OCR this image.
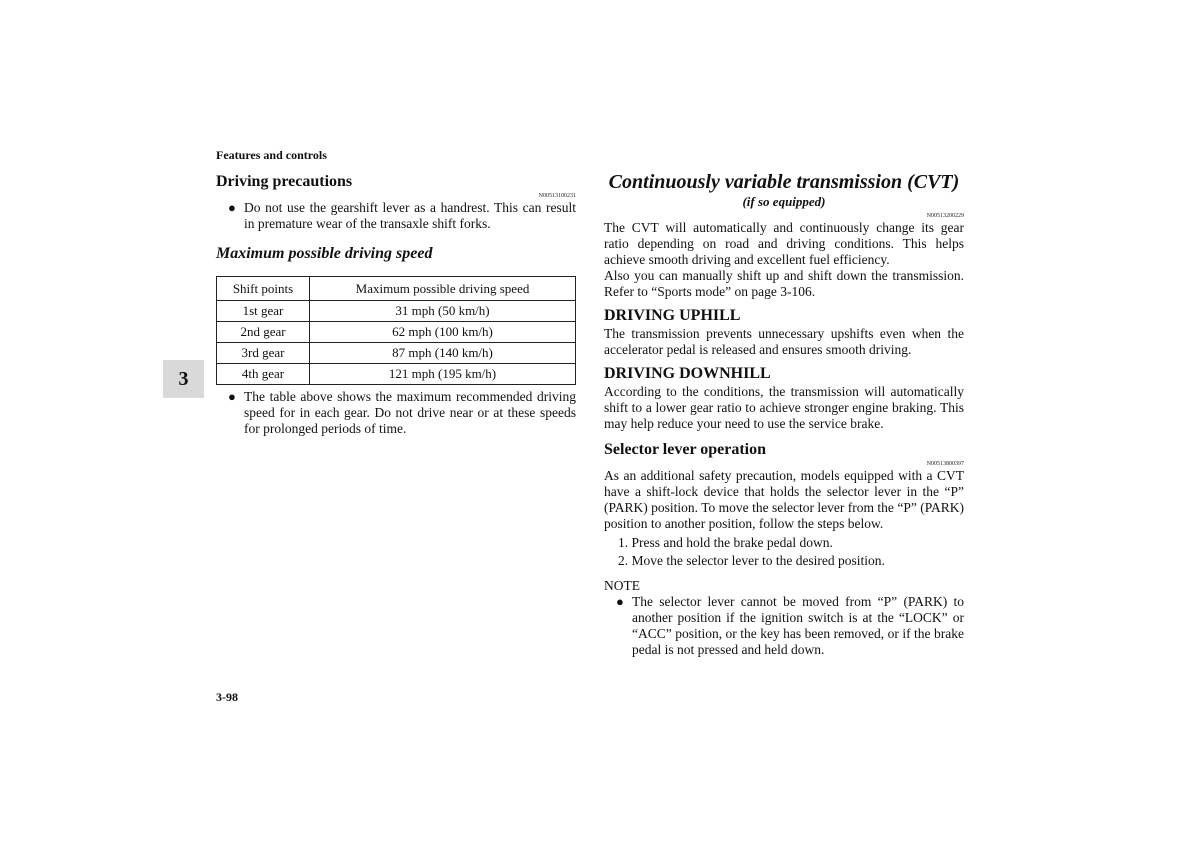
Features and controls
3
Driving precautions

N00513100231

● Do not use the gearshift lever as a handrest. This can result in premature wear of the transaxle shift forks.
Maximum possible driving speed
Shift points	Maximum possible driving speed
1st gear	31 mph (50 km/h)
2nd gear	62 mph (100 km/h)
3rd gear	87 mph (140 km/h)
4th gear	121 mph (195 km/h)
● The table above shows the maximum recommended driving speed for in each gear. Do not drive near or at these speeds for prolonged periods of time.
Continuously variable transmission (CVT)

(if so equipped)

N00513200229

The CVT will automatically and continuously change its gear ratio depending on road and driving conditions. This helps achieve smooth driving and excellent fuel efficiency.

Also you can manually shift up and shift down the transmission. Refer to “Sports mode” on page 3-106.

DRIVING UPHILL

The transmission prevents unnecessary upshifts even when the accelerator pedal is released and ensures smooth driving.

DRIVING DOWNHILL

According to the conditions, the transmission will automatically shift to a lower gear ratio to achieve stronger engine braking. This may help reduce your need to use the service brake.

Selector lever operation

N00513800397

As an additional safety precaution, models equipped with a CVT have a shift-lock device that holds the selector lever in the “P” (PARK) position. To move the selector lever from the “P” (PARK) position to another position, follow the steps below.

1. Press and hold the brake pedal down.
2. Move the selector lever to the desired position.

NOTE

● The selector lever cannot be moved from “P” (PARK) to another position if the ignition switch is at the “LOCK” or “ACC” position, or the key has been removed, or if the brake pedal is not pressed and held down.
3-98
